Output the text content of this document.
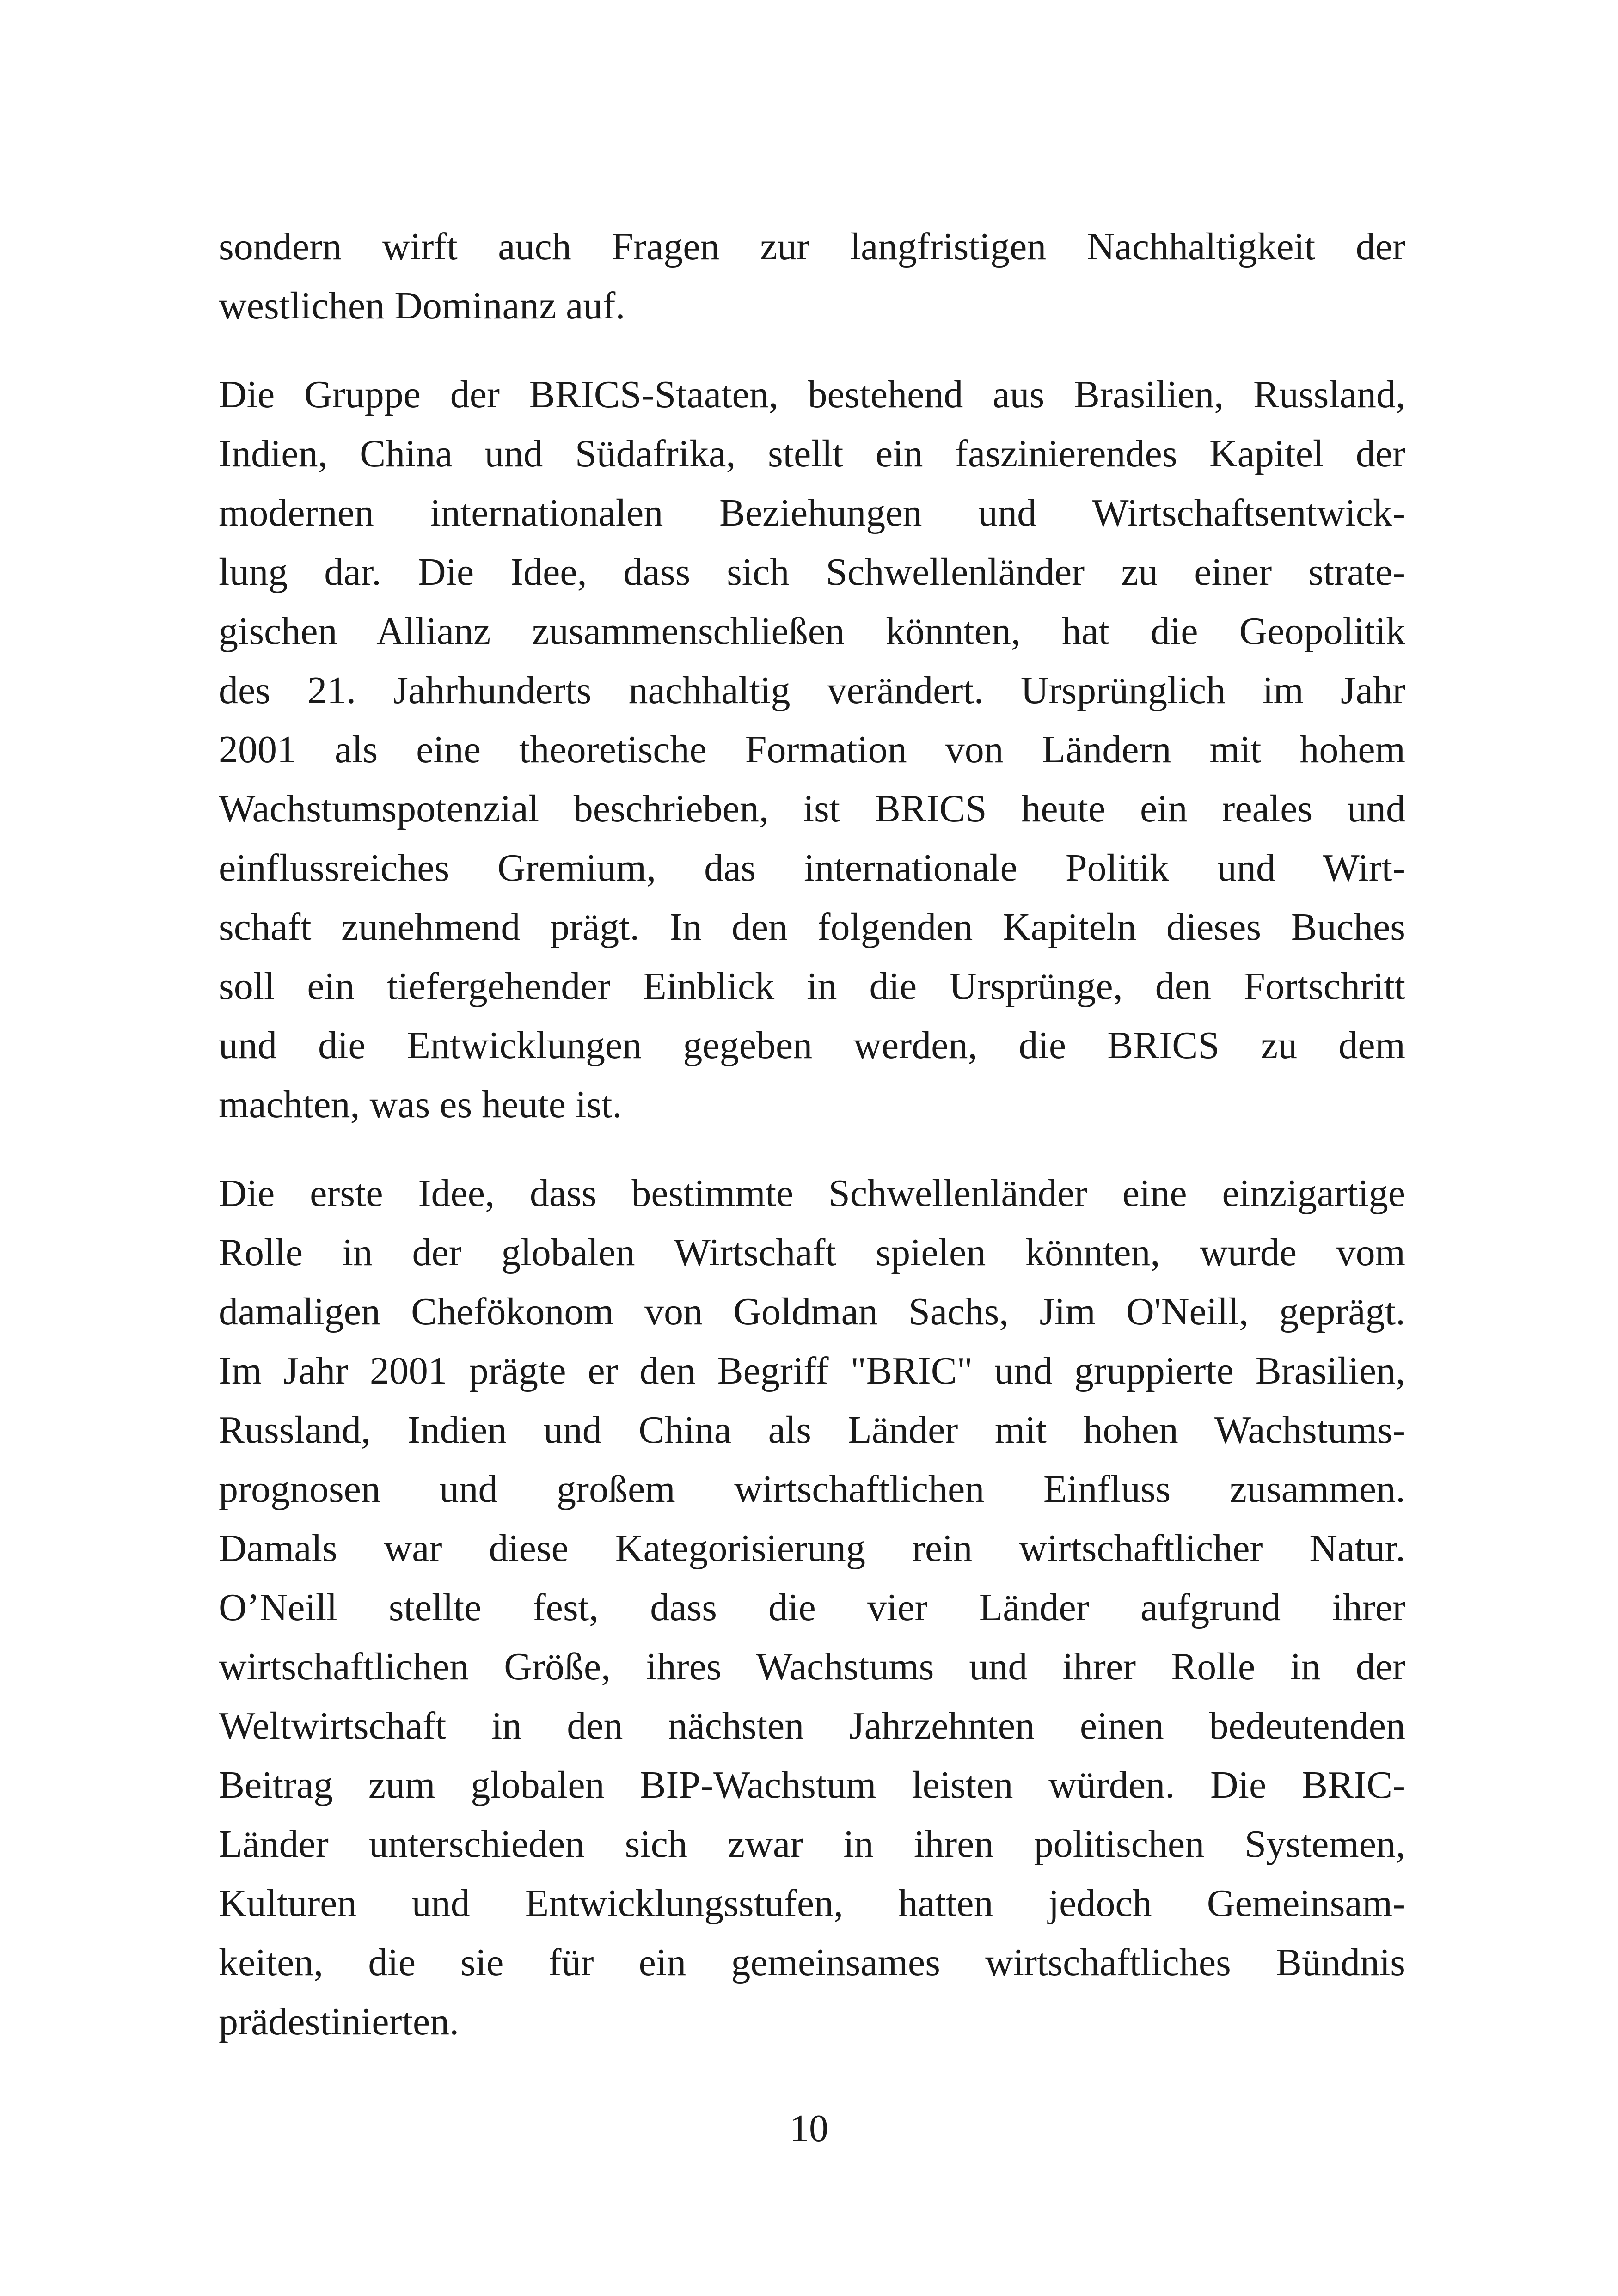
sondern wirft auch Fragen zur langfristigen Nachhaltigkeit der
westlichen Dominanz auf.

Die Gruppe der BRICS-Staaten, bestehend aus Brasilien, Russland,
Indien, China und Südafrika, stellt ein faszinierendes Kapitel der
modernen internationalen Beziehungen und Wirtschaftsentwick-
lung dar. Die Idee, dass sich Schwellenländer zu einer strate-
gischen Allianz zusammenschließen könnten, hat die Geopolitik
des 21. Jahrhunderts nachhaltig verändert. Ursprünglich im Jahr
2001 als eine theoretische Formation von Ländern mit hohem
Wachstumspotenzial beschrieben, ist BRICS heute ein reales und
einflussreiches Gremium, das internationale Politik und Wirt-
schaft zunehmend prägt. In den folgenden Kapiteln dieses Buches
soll ein tiefergehender Einblick in die Ursprünge, den Fortschritt
und die Entwicklungen gegeben werden, die BRICS zu dem
machten, was es heute ist.

Die erste Idee, dass bestimmte Schwellenländer eine einzigartige
Rolle in der globalen Wirtschaft spielen könnten, wurde vom
damaligen Chefökonom von Goldman Sachs, Jim O'Neill, geprägt.
Im Jahr 2001 prägte er den Begriff "BRIC" und gruppierte Brasilien,
Russland, Indien und China als Länder mit hohen Wachstums-
prognosen und großem wirtschaftlichen Einfluss zusammen.
Damals war diese Kategorisierung rein wirtschaftlicher Natur.
O’Neill stellte fest, dass die vier Länder aufgrund ihrer
wirtschaftlichen Größe, ihres Wachstums und ihrer Rolle in der
Weltwirtschaft in den nächsten Jahrzehnten einen bedeutenden
Beitrag zum globalen BIP-Wachstum leisten würden. Die BRIC-
Länder unterschieden sich zwar in ihren politischen Systemen,
Kulturen und Entwicklungsstufen, hatten jedoch Gemeinsam-
keiten, die sie für ein gemeinsames wirtschaftliches Bündnis
prädestinierten.

10
